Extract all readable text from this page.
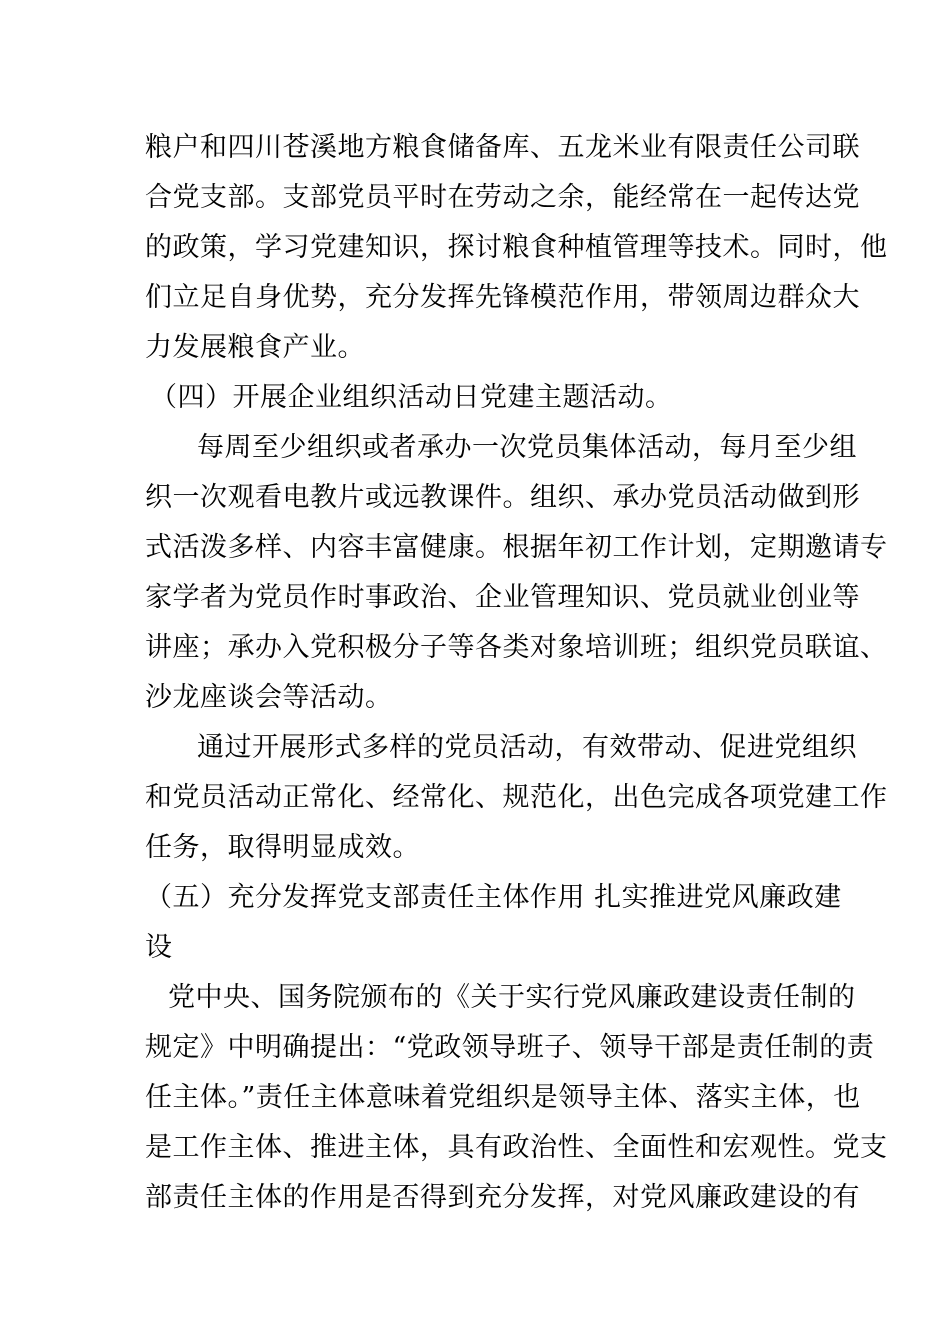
粮户和四川苍溪地方粮食储备库、五龙米业有限责任公司联
合党支部。支部党员平时在劳动之余，能经常在一起传达党
的政策，学习党建知识，探讨粮食种植管理等技术。同时，他
们立足自身优势，充分发挥先锋模范作用，带领周边群众大
力发展粮食产业。
（四）开展企业组织活动日党建主题活动。
每周至少组织或者承办一次党员集体活动，每月至少组
织一次观看电教片或远教课件。组织、承办党员活动做到形
式活泼多样、内容丰富健康。根据年初工作计划，定期邀请专
家学者为党员作时事政治、企业管理知识、党员就业创业等
讲座；承办入党积极分子等各类对象培训班；组织党员联谊、
沙龙座谈会等活动。
通过开展形式多样的党员活动，有效带动、促进党组织
和党员活动正常化、经常化、规范化，出色完成各项党建工作
任务，取得明显成效。
（五）充分发挥党支部责任主体作用 扎实推进党风廉政建
设
党中央、国务院颁布的《关于实行党风廉政建设责任制的
规定》中明确提出：“党政领导班子、领导干部是责任制的责
任主体。”责任主体意味着党组织是领导主体、落实主体，也
是工作主体、推进主体，具有政治性、全面性和宏观性。党支
部责任主体的作用是否得到充分发挥，对党风廉政建设的有
